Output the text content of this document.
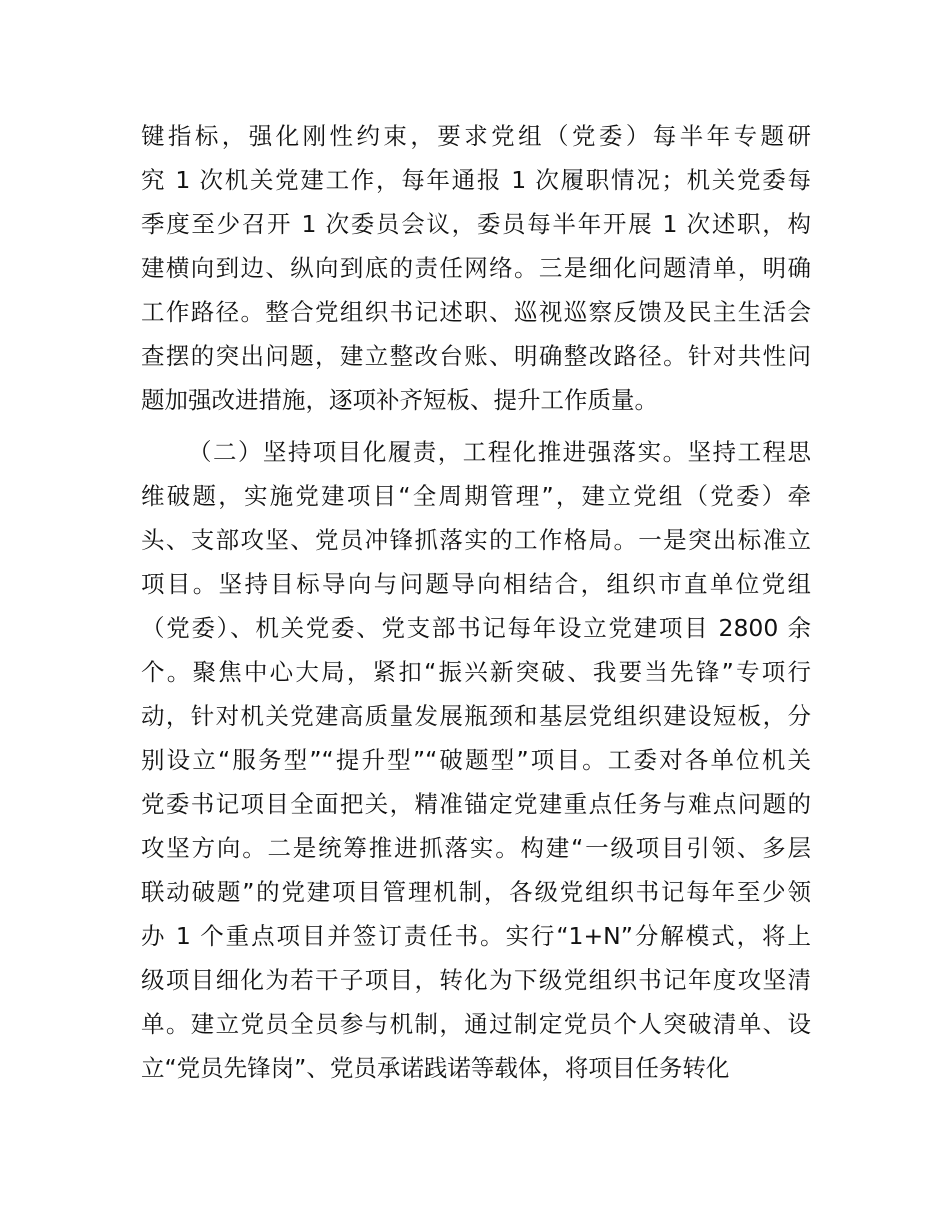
键指标，强化刚性约束，要求党组（党委）每半年专题研
究 1 次机关党建工作，每年通报 1 次履职情况；机关党委每
季度至少召开 1 次委员会议，委员每半年开展 1 次述职，构
建横向到边、纵向到底的责任网络。三是细化问题清单，明确
工作路径。整合党组织书记述职、巡视巡察反馈及民主生活会
查摆的突出问题，建立整改台账、明确整改路径。针对共性问
题加强改进措施，逐项补齐短板、提升工作质量。
（二）坚持项目化履责，工程化推进强落实。坚持工程思
维破题，实施党建项目“全周期管理”，建立党组（党委）牵
头、支部攻坚、党员冲锋抓落实的工作格局。一是突出标准立
项目。坚持目标导向与问题导向相结合，组织市直单位党组
（党委）、机关党委、党支部书记每年设立党建项目 2800 余
个。聚焦中心大局，紧扣“振兴新突破、我要当先锋”专项行
动，针对机关党建高质量发展瓶颈和基层党组织建设短板，分
别设立“服务型”“提升型”“破题型”项目。工委对各单位机关
党委书记项目全面把关，精准锚定党建重点任务与难点问题的
攻坚方向。二是统筹推进抓落实。构建“一级项目引领、多层
联动破题”的党建项目管理机制，各级党组织书记每年至少领
办 1 个重点项目并签订责任书。实行“1+N”分解模式，将上
级项目细化为若干子项目，转化为下级党组织书记年度攻坚清
单。建立党员全员参与机制，通过制定党员个人突破清单、设
立“党员先锋岗”、党员承诺践诺等载体，将项目任务转化
